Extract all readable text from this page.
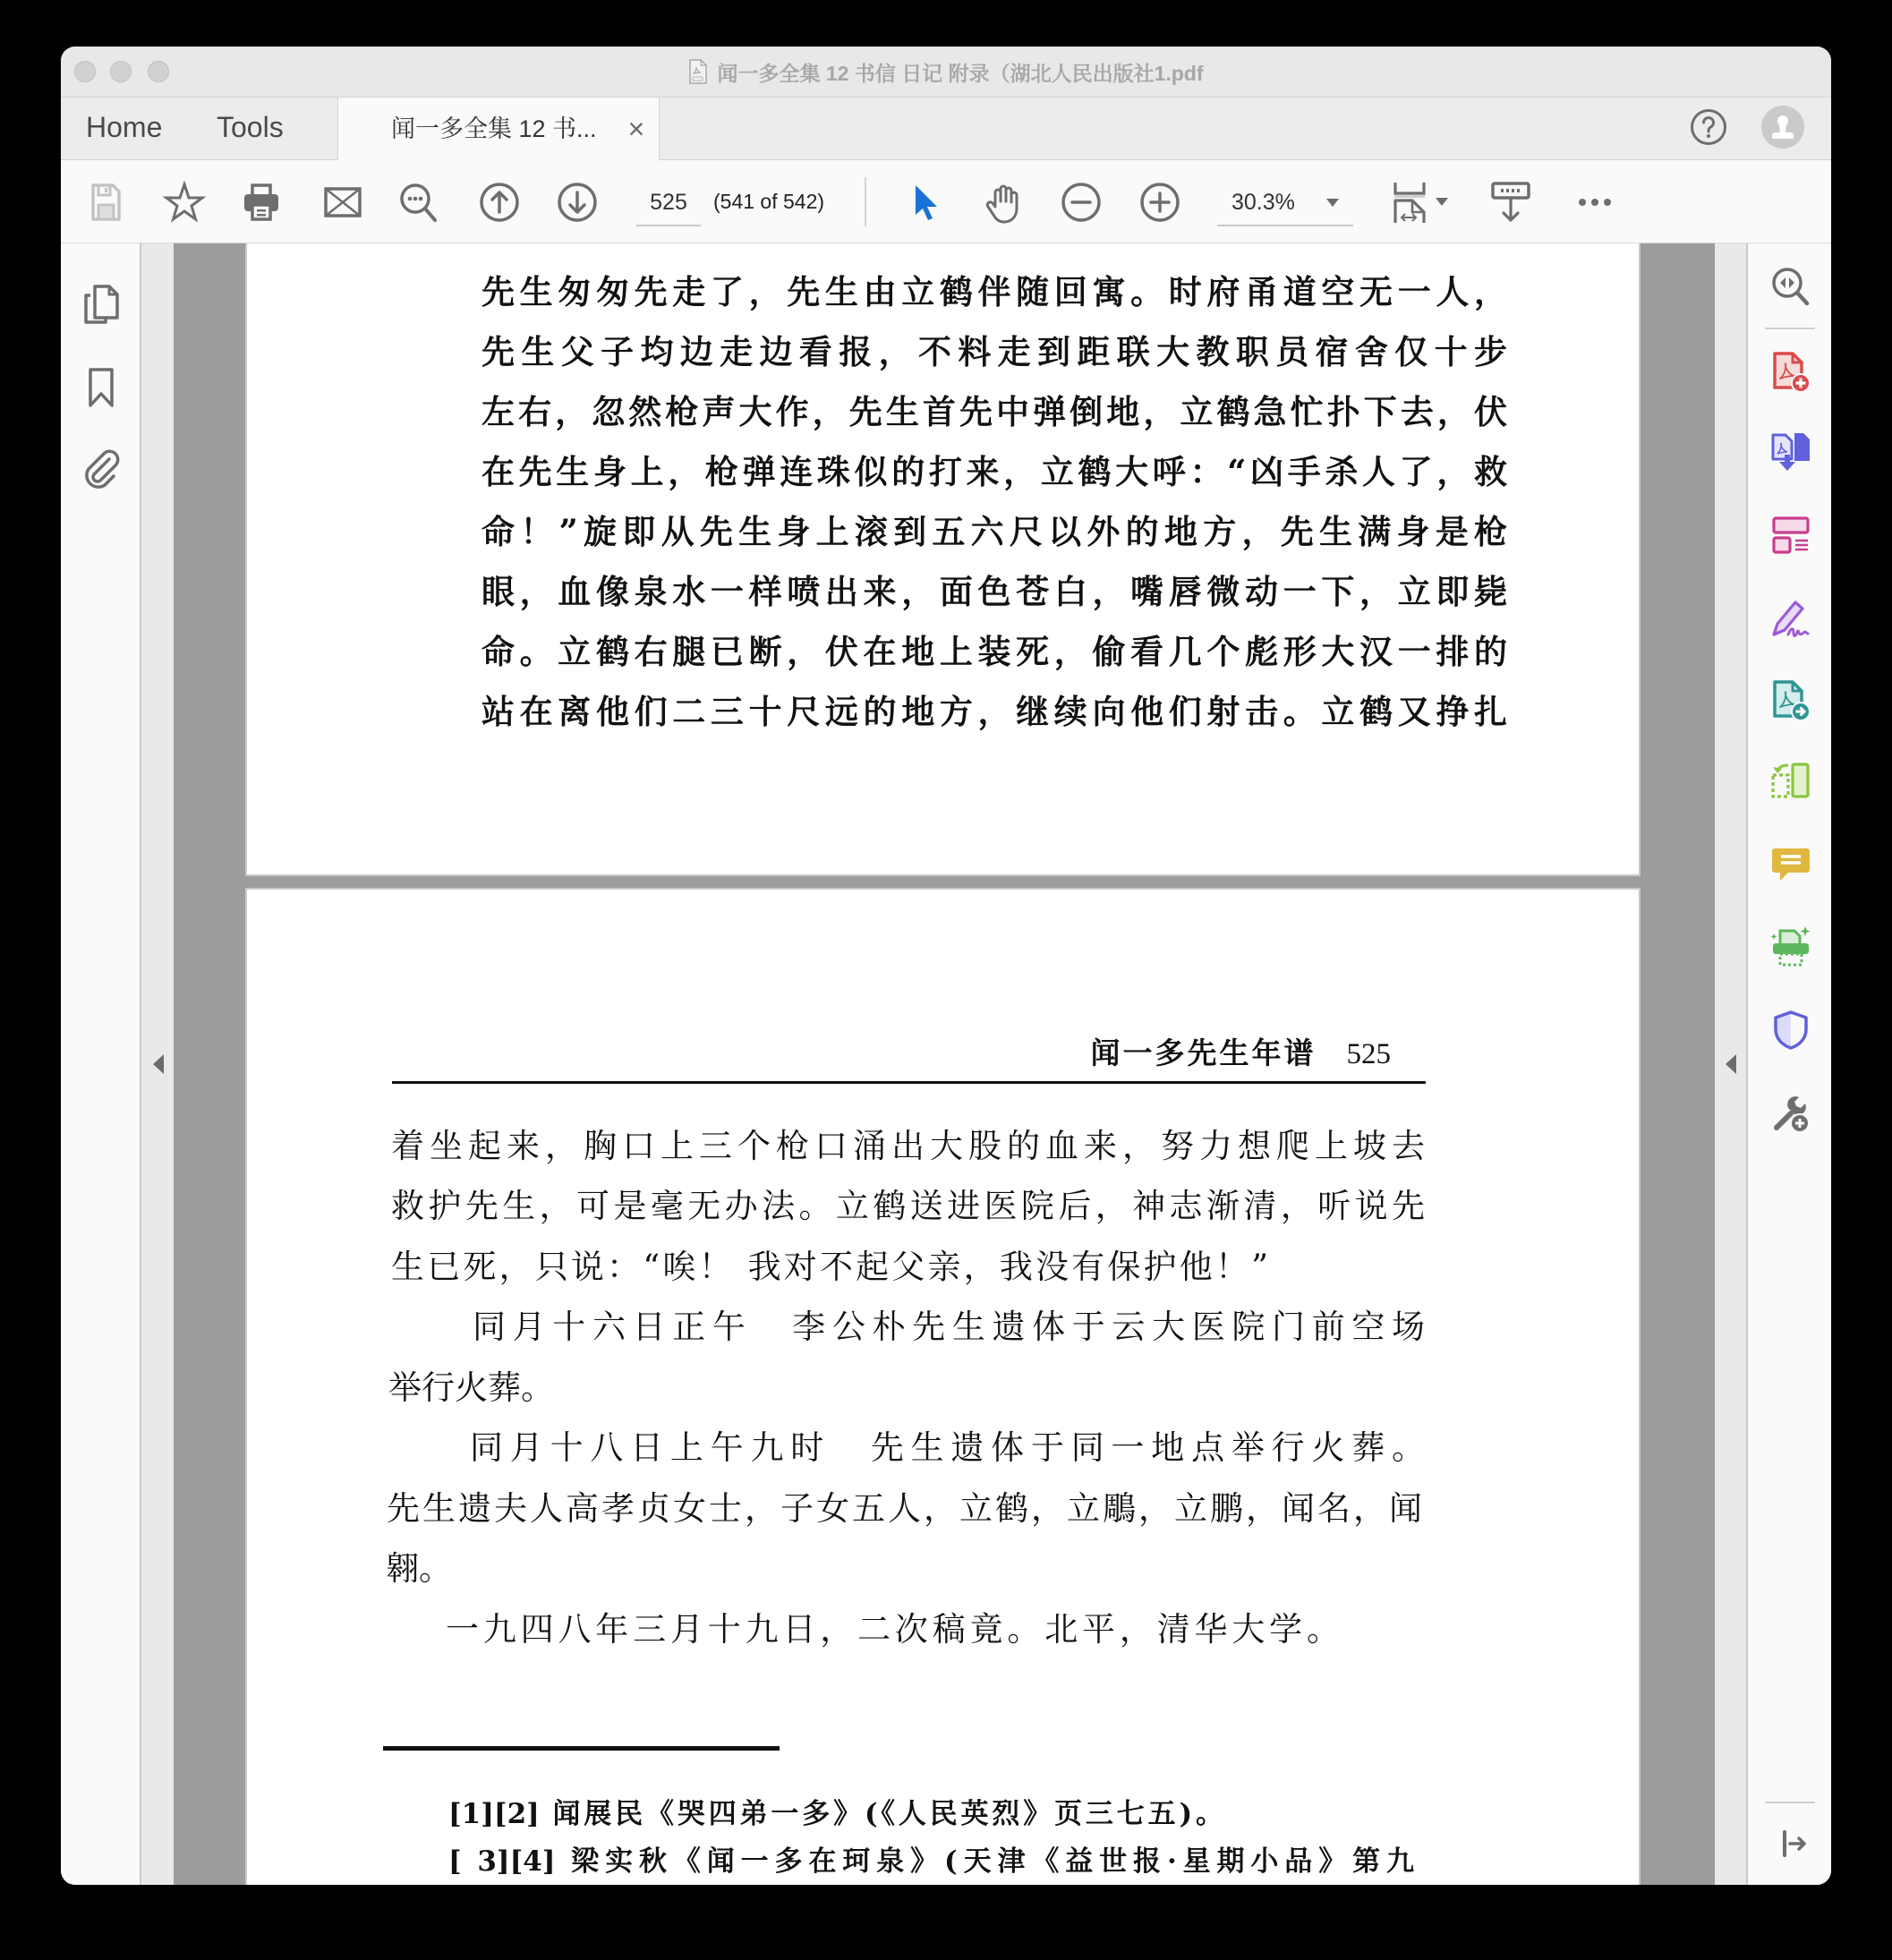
闻一多全集 12 书信 日记 附录（湖北人民出版社1.pdf
Home Tools	闻一多全集 12 书... ×
525	(541 of 542)	30.3%
先生匆匆先走了，先生由立鹤伴随回寓。时府甬道空无一人，
先生父子均边走边看报，不料走到距联大教职员宿舍仅十步
左右，忽然枪声大作，先生首先中弹倒地，立鹤急忙扑下去，伏
在先生身上，枪弹连珠似的打来，立鹤大呼：“凶手杀人了，救
命！”旋即从先生身上滚到五六尺以外的地方，先生满身是枪
眼，血像泉水一样喷出来，面色苍白，嘴唇微动一下，立即毙
命。立鹤右腿已断，伏在地上装死，偷看几个彪形大汉一排的
站在离他们二三十尺远的地方，继续向他们射击。立鹤又挣扎
闻一多先生年谱 525
着坐起来，胸口上三个枪口涌出大股的血来，努力想爬上坡去
救护先生，可是毫无办法。立鹤送进医院后，神志渐清，听说先
生已死，只说：“唉！ 我对不起父亲，我没有保护他！”
同月十六日正午　李公朴先生遗体于云大医院门前空场
举行火葬。
同月十八日上午九时　先生遗体于同一地点举行火葬。
先生遗夫人高孝贞女士，子女五人，立鹤，立鵰，立鹏，闻名，闻
翱。
一九四八年三月十九日，二次稿竟。北平，清华大学。
[1][2] 闻展民《哭四弟一多》(《人民英烈》页三七五)。
[ 3][4] 梁实秋《闻一多在珂泉》(天津《益世报·星期小品》第九
